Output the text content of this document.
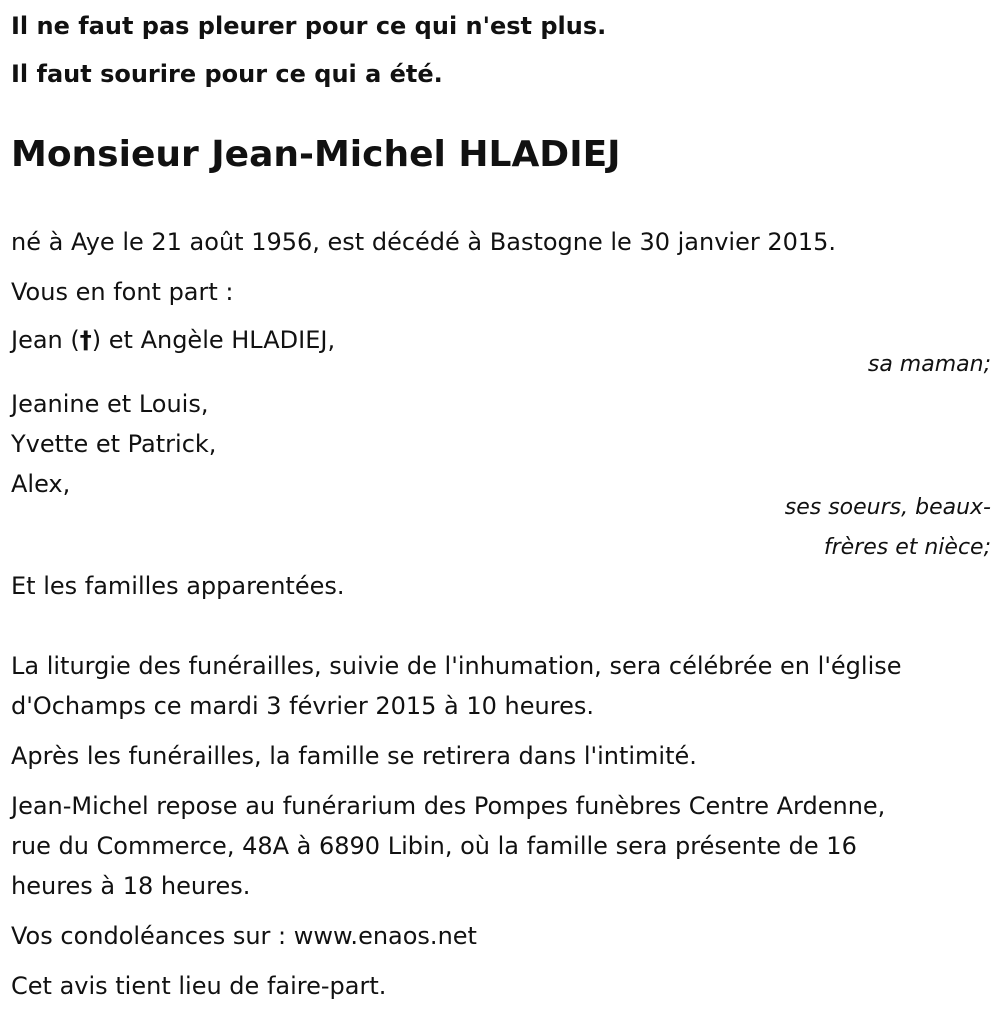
Il ne faut pas pleurer pour ce qui n'est plus.
Il faut sourire pour ce qui a été.
Monsieur Jean-Michel HLADIEJ
né à Aye le 21 août 1956, est décédé à Bastogne le 30 janvier 2015.
Vous en font part :
Jean (†) et Angèle HLADIEJ,
sa maman;
Jeanine et Louis,
Yvette et Patrick,
Alex,
ses soeurs, beaux-
frères et nièce;
Et les familles apparentées.
La liturgie des funérailles, suivie de l'inhumation, sera célébrée en l'église
d'Ochamps ce mardi 3 février 2015 à 10 heures.
Après les funérailles, la famille se retirera dans l'intimité.
Jean-Michel repose au funérarium des Pompes funèbres Centre Ardenne,
rue du Commerce, 48A à 6890 Libin, où la famille sera présente de 16
heures à 18 heures.
Vos condoléances sur : www.enaos.net
Cet avis tient lieu de faire-part.
